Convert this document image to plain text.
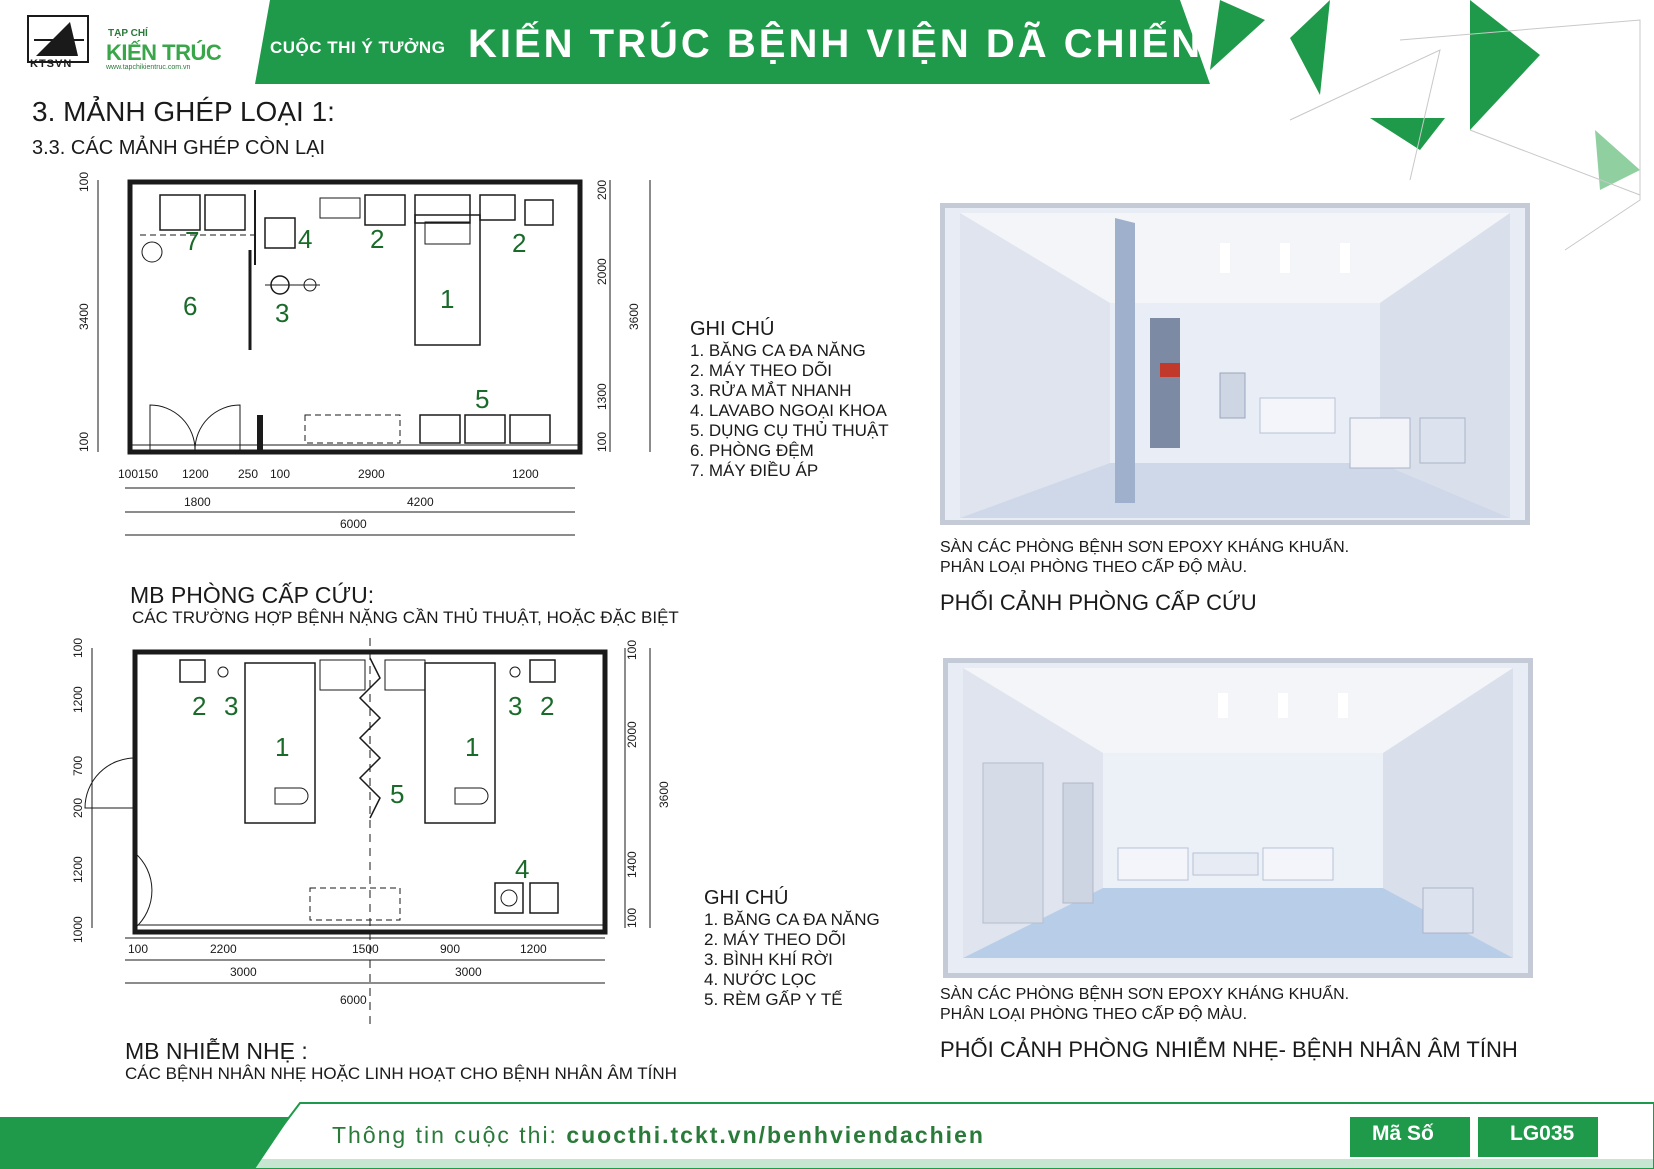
KTSVN
TẠP CHÍ
KIẾN TRÚC
www.tapchikientruc.com.vn
CUỘC THI Ý TƯỞNG KIẾN TRÚC BỆNH VIỆN DÃ CHIẾN
3. MẢNH GHÉP LOẠI 1:
3.3. CÁC MẢNH GHÉP CÒN LẠI
100 150 1200 250 100	2900	1200
1800	4200
6000
100
3400
100
200
2000
1300
100
3600
7	4 2	2
6	3	1
5
GHI CHÚ
1. BĂNG CA ĐA NĂNG
2. MÁY THEO DÕI
3. RỬA MẮT NHANH
4. LAVABO NGOẠI KHOA
5. DỤNG CỤ THỦ THUẬT
6. PHÒNG ĐỆM
7. MÁY ĐIỀU ÁP
MB PHÒNG CẤP CỨU:
CÁC TRƯỜNG HỢP BỆNH NẶNG CẦN THỦ THUẬT, HOẶC ĐẶC BIỆT
100	2200	1500	900	1200
3000	3000
6000
100
1200
700
200
1200
1000
100
2000
1400
100
3600
2 3	3 2
1	1
5
4
GHI CHÚ
1. BĂNG CA ĐA NĂNG
2. MÁY THEO DÕI
3. BÌNH KHÍ RỜI
4. NƯỚC LỌC
5. RÈM GẤP Y TẾ
MB NHIỄM NHẸ :
CÁC BỆNH NHÂN NHẸ HOẶC LINH HOẠT CHO BỆNH NHÂN ÂM TÍNH
SÀN CÁC PHÒNG BỆNH SƠN EPOXY KHÁNG KHUẨN.
PHÂN LOẠI PHÒNG THEO CẤP ĐỘ MÀU.
PHỐI CẢNH PHÒNG CẤP CỨU
SÀN CÁC PHÒNG BỆNH SƠN EPOXY KHÁNG KHUẨN.
PHÂN LOẠI PHÒNG THEO CẤP ĐỘ MÀU.
PHỐI CẢNH PHÒNG NHIỄM NHẸ- BỆNH NHÂN ÂM TÍNH
Thông tin cuộc thi: cuocthi.tckt.vn/benhviendachien	Mã Số	LG035
